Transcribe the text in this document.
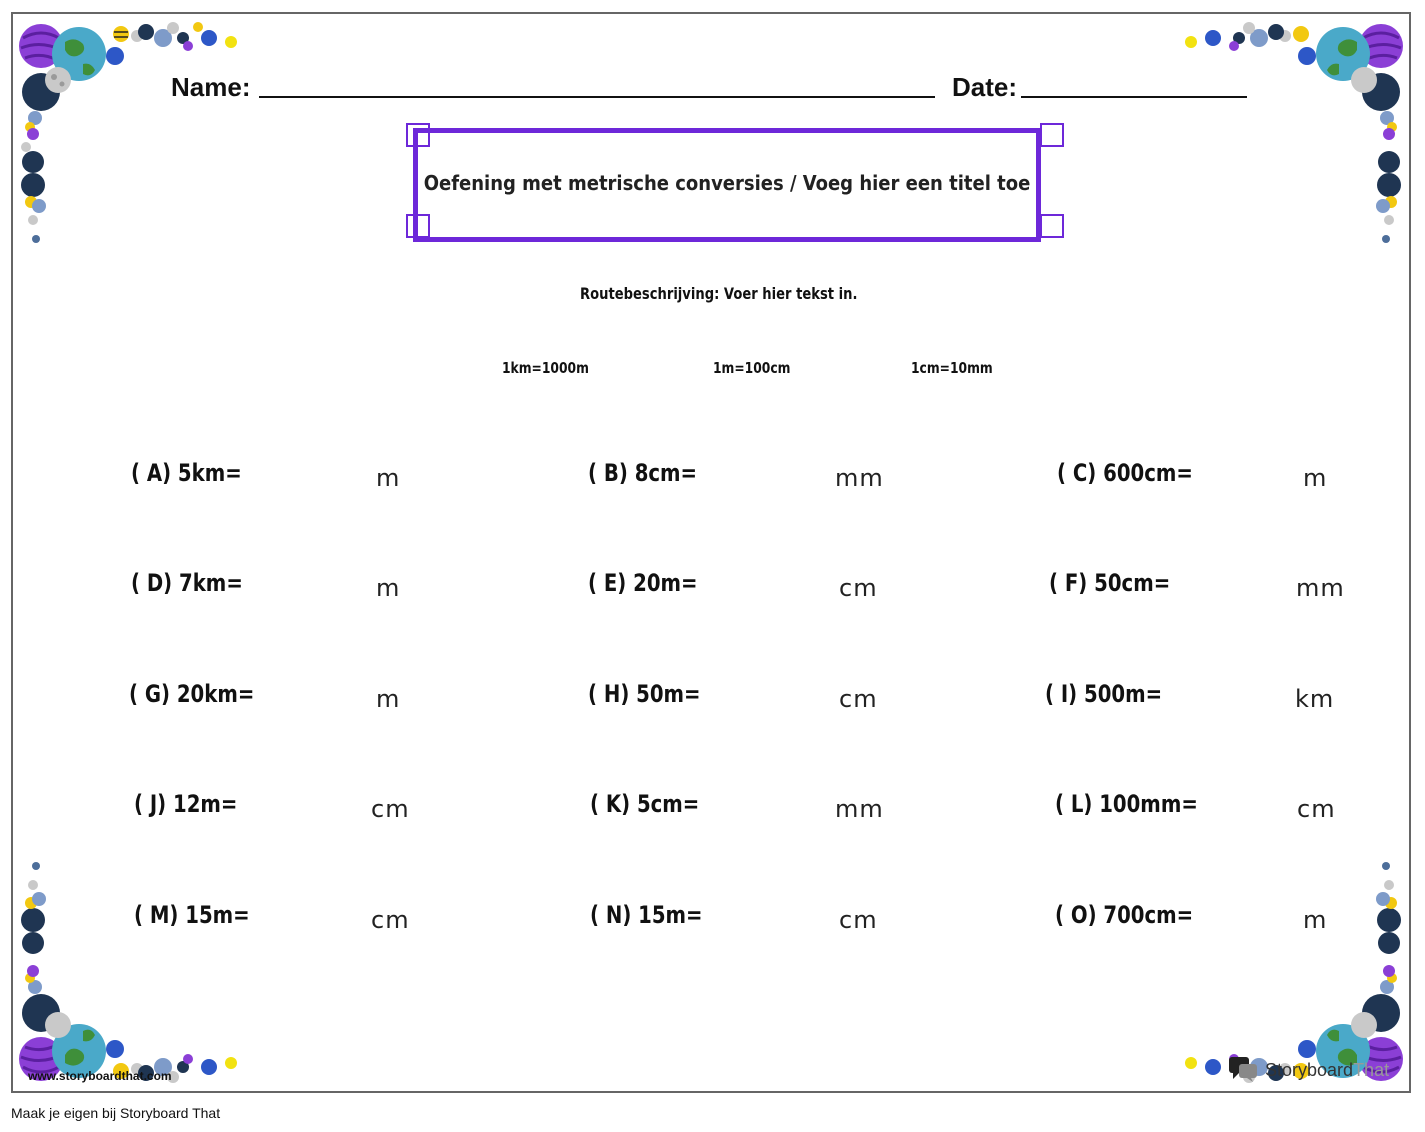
Name:	Date:
Oefening met metrische conversies / Voeg hier een titel toe
Routebeschrijving: Voer hier tekst in.
1km=1000m	1m=100cm	1cm=10mm
( A) 5km=	m	( B) 8cm=	mm	( C) 600cm=	m
( D) 7km=	m	( E) 20m=	cm	( F) 50cm=	mm
( G) 20km=	m	( H) 50m=	cm	( I) 500m=	km
( J) 12m=	cm	( K) 5cm=	mm	( L) 100mm=	cm
( M) 15m=	cm	( N) 15m=	cm	( O) 700cm=	m
www.storyboardthat.com	StoryboardThat
Maak je eigen bij Storyboard That
